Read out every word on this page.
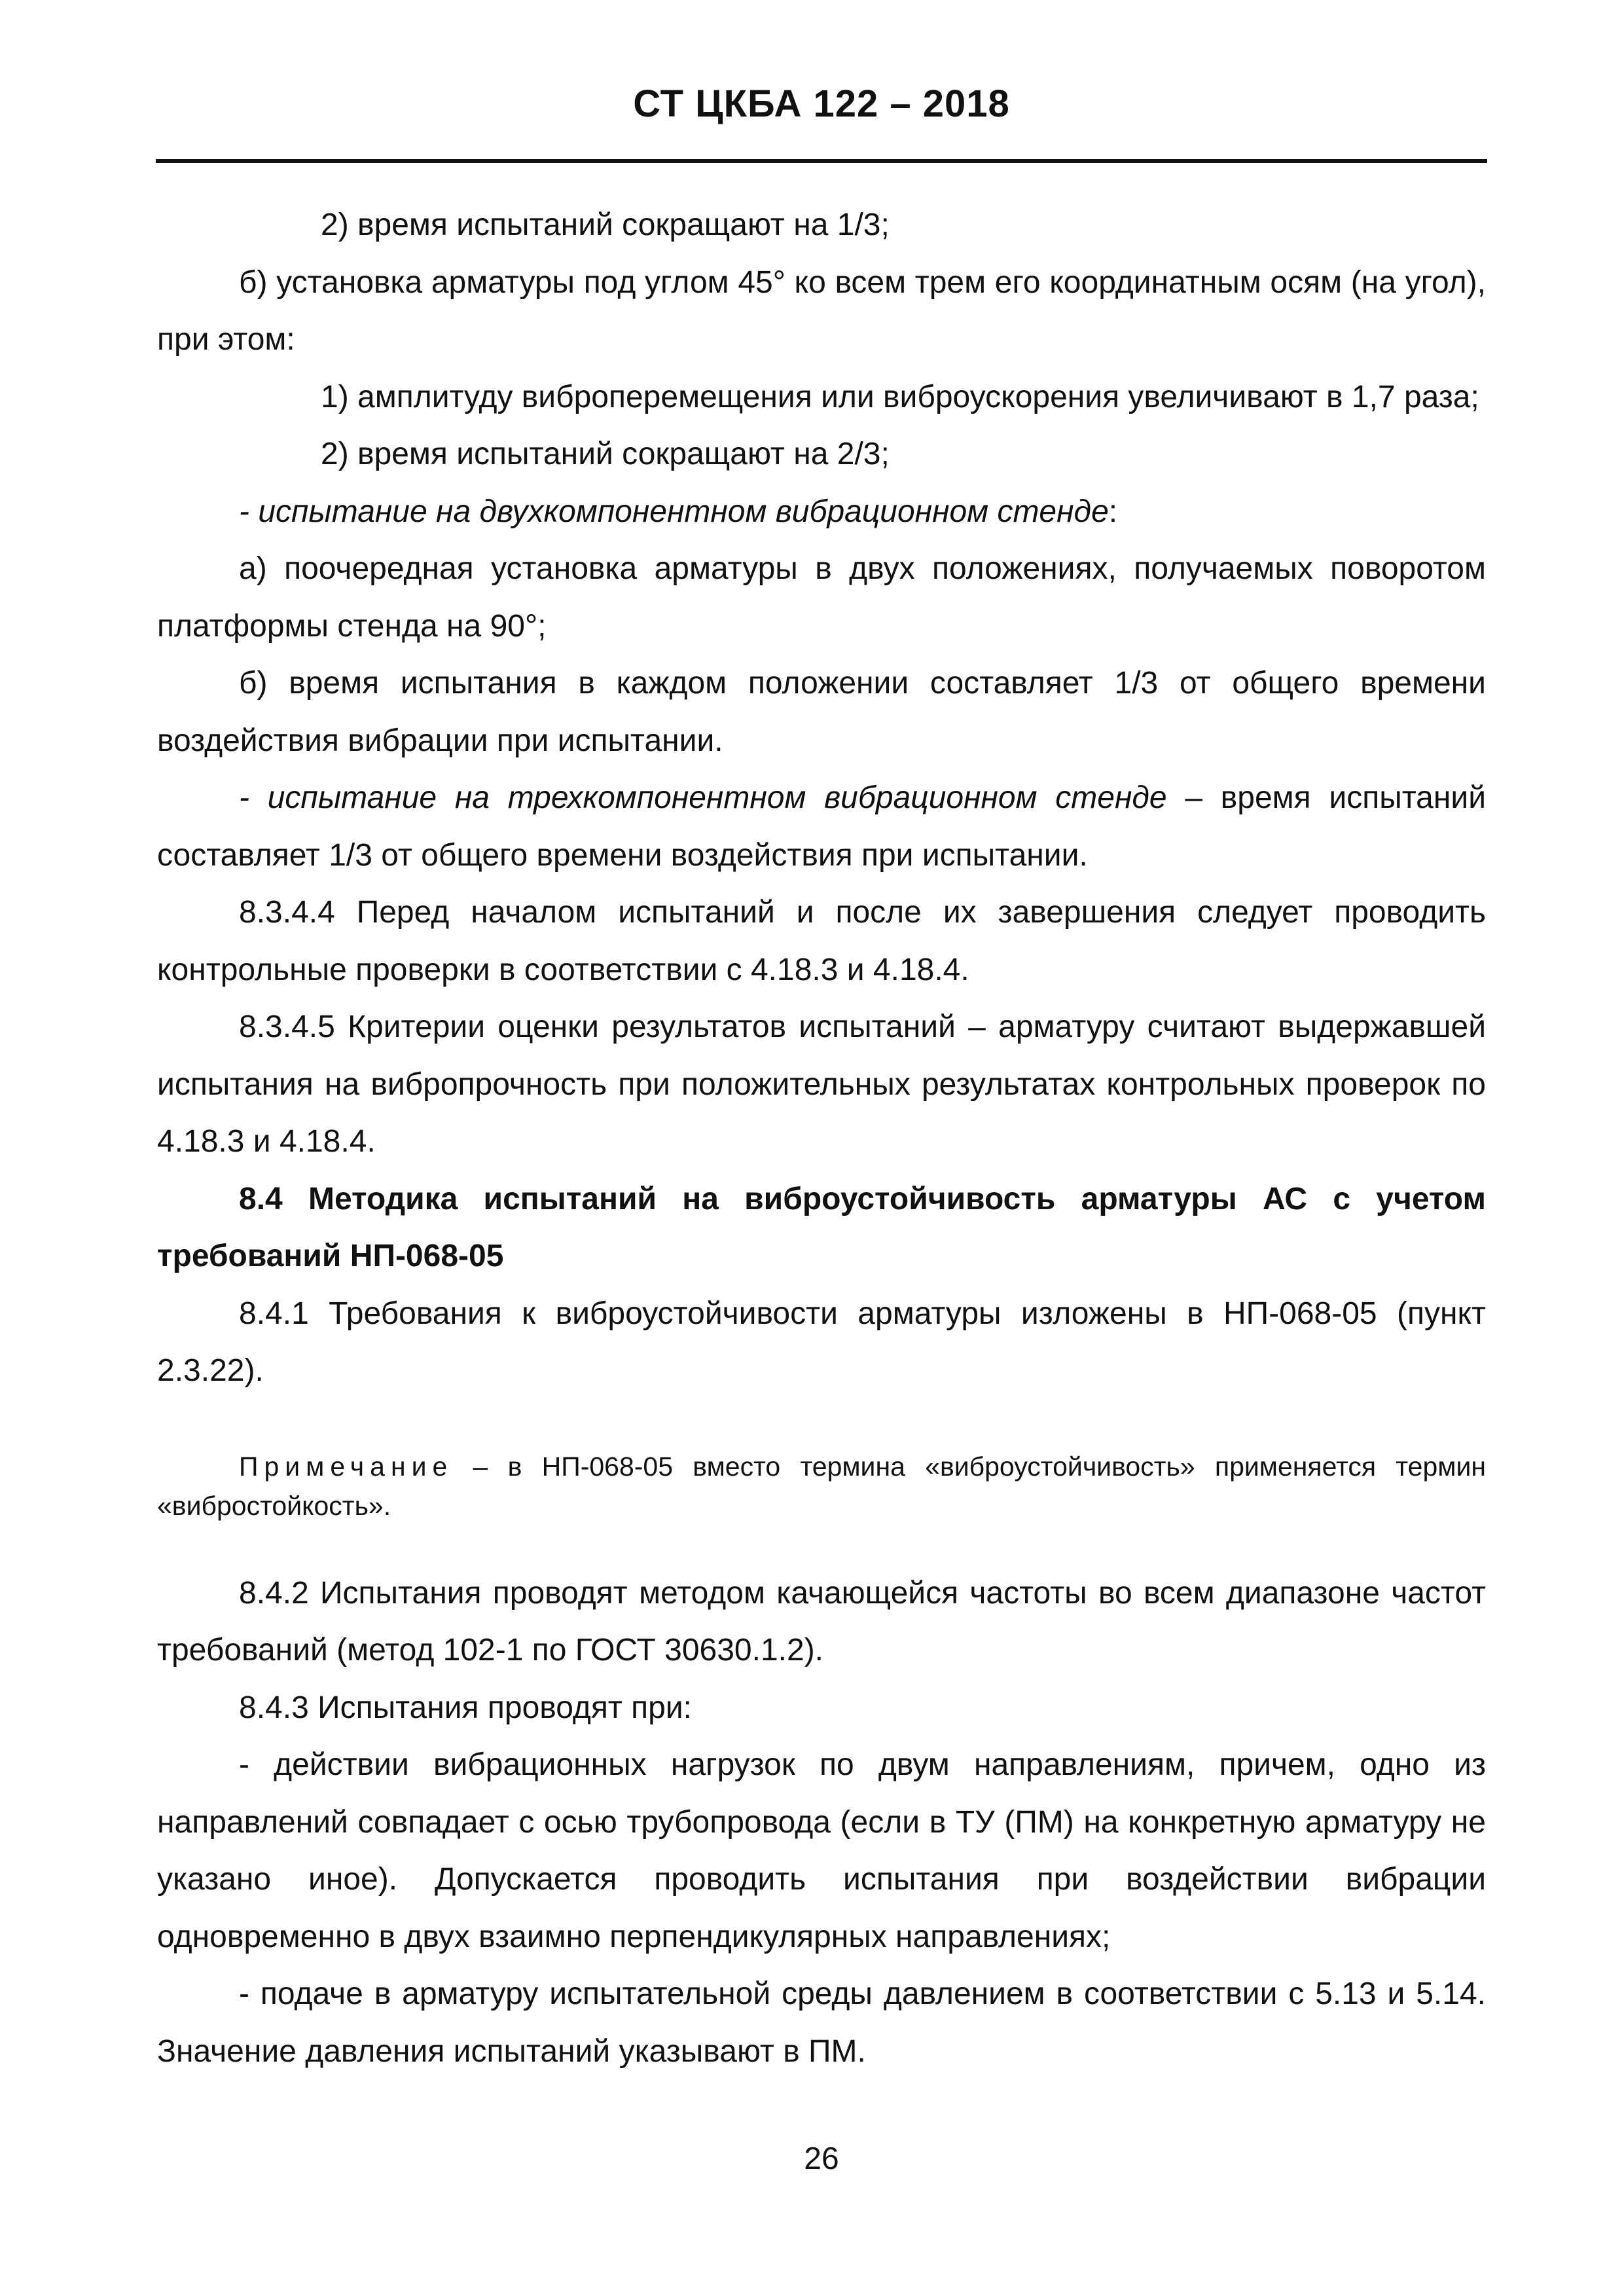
СТ ЦКБА 122 – 2018

2) время испытаний сокращают на 1/3;

б) установка арматуры под углом 45° ко всем трем его координатным осям (на угол), при этом:

1) амплитуду виброперемещения или виброускорения увеличивают в 1,7 раза;

2) время испытаний сокращают на 2/3;

- испытание на двухкомпонентном вибрационном стенде:

а) поочередная установка арматуры в двух положениях, получаемых поворотом платформы стенда на 90°;

б) время испытания в каждом положении составляет 1/3 от общего времени воздействия вибрации при испытании.

- испытание на трехкомпонентном вибрационном стенде – время испытаний составляет 1/3 от общего времени воздействия при испытании.

8.3.4.4 Перед началом испытаний и после их завершения следует проводить контрольные проверки в соответствии с 4.18.3 и 4.18.4.

8.3.4.5 Критерии оценки результатов испытаний – арматуру считают выдержавшей испытания на вибропрочность при положительных результатах контрольных проверок по 4.18.3 и 4.18.4.

8.4 Методика испытаний на виброустойчивость арматуры АС с учетом требований НП-068-05

8.4.1 Требования к виброустойчивости арматуры изложены в НП-068-05 (пункт 2.3.22).

Примечание – в НП-068-05 вместо термина «виброустойчивость» применяется термин «вибростойкость».

8.4.2 Испытания проводят методом качающейся частоты во всем диапазоне частот требований (метод 102-1 по ГОСТ 30630.1.2).

8.4.3 Испытания проводят при:

- действии вибрационных нагрузок по двум направлениям, причем, одно из направлений совпадает с осью трубопровода (если в ТУ (ПМ) на конкретную арматуру не указано иное). Допускается проводить испытания при воздействии вибрации одновременно в двух взаимно перпендикулярных направлениях;

- подаче в арматуру испытательной среды давлением в соответствии с 5.13 и 5.14. Значение давления испытаний указывают в ПМ.

26
